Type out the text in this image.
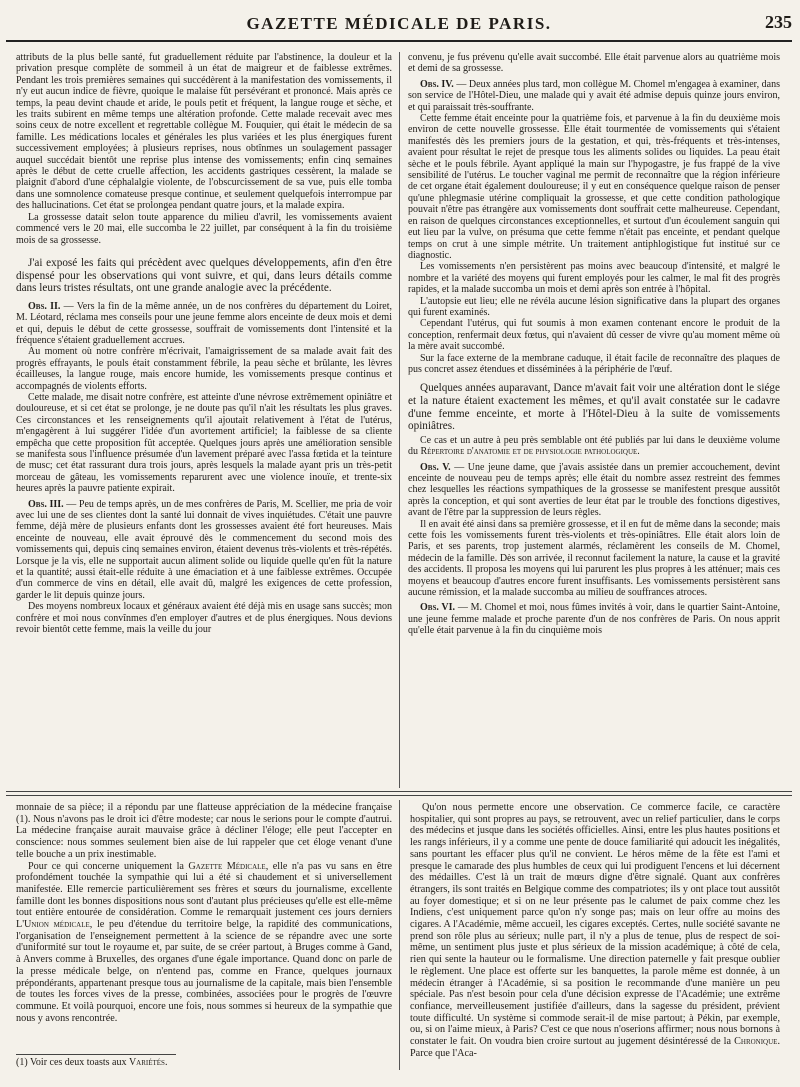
GAZETTE MÉDICALE DE PARIS.	235

attributs de la plus belle santé, fut graduellement réduite par l'abstinence, la douleur et la privation presque complète de sommeil à un état de maigreur et de faiblesse extrêmes. Pendant les trois premières semaines qui succédèrent à la manifestation des vomissements, il n'y eut aucun indice de fièvre, quoique le malaise fût persévérant et prononcé. Mais après ce temps, la peau devint chaude et aride, le pouls petit et fréquent, la langue rouge et sèche, et les traits subirent en même temps une altération profonde. Cette malade recevait avec mes soins ceux de notre excellent et regrettable collègue M. Fouquier, qui était le médecin de sa famille. Les médications locales et générales les plus variées et les plus énergiques furent successivement employées; à plusieurs reprises, nous obtînmes un soulagement passager auquel succédait bientôt une reprise plus intense des vomissements; enfin cinq semaines après le début de cette cruelle affection, les accidents gastriques cessèrent, la malade se plaignit d'abord d'une céphalalgie violente, de l'obscurcissement de sa vue, puis elle tomba dans une somnolence comateuse presque continue, et seulement quelquefois interrompue par des hallucinations. Cet état se prolongea pendant quatre jours, et la malade expira.

La grossesse datait selon toute apparence du milieu d'avril, les vomissements avaient commencé vers le 20 mai, elle succomba le 22 juillet, par conséquent à la fin du troisième mois de sa grossesse.

J'ai exposé les faits qui précèdent avec quelques développements, afin d'en être dispensé pour les observations qui vont suivre, et qui, dans leurs détails comme dans leurs tristes résultats, ont une grande analogie avec la précédente.

Obs. II. — Vers la fin de la même année, un de nos confrères du département du Loiret, M. Léotard, réclama mes conseils pour une jeune femme alors enceinte de deux mois et demi et qui, depuis le début de cette grossesse, souffrait de vomissements dont l'intensité et la fréquence s'étaient graduellement accrues.

Au moment où notre confrère m'écrivait, l'amaigrissement de sa malade avait fait des progrès effrayants, le pouls était constamment fébrile, la peau sèche et brûlante, les lèvres écailleuses, la langue rouge, mais encore humide, les vomissements presque continus et accompagnés de violents efforts.

Cette malade, me disait notre confrère, est atteinte d'une névrose extrêmement opiniâtre et douloureuse, et si cet état se prolonge, je ne doute pas qu'il n'ait les résultats les plus graves. Ces circonstances et les renseignements qu'il ajoutait relativement à l'état de l'utérus, m'engagèrent à lui suggérer l'idée d'un avortement artificiel; la faiblesse de sa cliente empêcha que cette proposition fût acceptée. Quelques jours après une amélioration sensible se manifesta sous l'influence présumée d'un lavement préparé avec l'assa fœtida et la teinture de musc; cet état rassurant dura trois jours, après lesquels la malade ayant pris un très-petit morceau de gâteau, les vomissements reparurent avec une violence inouïe, et trente-six heures après la pauvre patiente expirait.

Obs. III. — Peu de temps après, un de mes confrères de Paris, M. Scellier, me pria de voir avec lui une de ses clientes dont la santé lui donnait de vives inquiétudes. C'était une pauvre femme, déjà mère de plusieurs enfants dont les grossesses avaient été fort heureuses. Mais enceinte de nouveau, elle avait éprouvé dès le commencement du second mois des vomissements qui, depuis cinq semaines environ, étaient devenus très-violents et très-répétés. Lorsque je la vis, elle ne supportait aucun aliment solide ou liquide quelle qu'en fût la nature et la quantité; aussi était-elle réduite à une émaciation et à une faiblesse extrêmes. Occupée d'un commerce de vins en détail, elle avait dû, malgré les exigences de cette profession, garder le lit depuis quinze jours.

Des moyens nombreux locaux et généraux avaient été déjà mis en usage sans succès; mon confrère et moi nous convînmes d'en employer d'autres et de plus énergiques. Nous devions revoir bientôt cette femme, mais la veille du jour

convenu, je fus prévenu qu'elle avait succombé. Elle était parvenue alors au quatrième mois et demi de sa grossesse.

Obs. IV. — Deux années plus tard, mon collègue M. Chomel m'engagea à examiner, dans son service de l'Hôtel-Dieu, une malade qui y avait été admise depuis quinze jours environ, et qui paraissait très-souffrante.

Cette femme était enceinte pour la quatrième fois, et parvenue à la fin du deuxième mois environ de cette nouvelle grossesse. Elle était tourmentée de vomissements qui s'étaient manifestés dès les premiers jours de la gestation, et qui, très-fréquents et très-intenses, avaient pour résultat le rejet de presque tous les aliments solides ou liquides. La peau était sèche et le pouls fébrile. Ayant appliqué la main sur l'hypogastre, je fus frappé de la vive sensibilité de l'utérus. Le toucher vaginal me permit de reconnaître que la région inférieure de cet organe était également douloureuse; il y eut en conséquence quelque raison de penser qu'une phlegmasie utérine compliquait la grossesse, et que cette condition pathologique pouvait n'être pas étrangère aux vomissements dont souffrait cette malheureuse. Cependant, en raison de quelques circonstances exceptionnelles, et surtout d'un écoulement sanguin qui eut lieu par la vulve, on présuma que cette femme n'était pas enceinte, et pendant quelque temps on crut à une simple métrite. Un traitement antiphlogistique fut institué sur ce diagnostic.

Les vomissements n'en persistèrent pas moins avec beaucoup d'intensité, et malgré le nombre et la variété des moyens qui furent employés pour les calmer, le mal fit des progrès rapides, et la malade succomba un mois et demi après son entrée à l'hôpital.

L'autopsie eut lieu; elle ne révéla aucune lésion significative dans la plupart des organes qui furent examinés.

Cependant l'utérus, qui fut soumis à mon examen contenant encore le produit de la conception, renfermait deux fœtus, qui n'avaient dû cesser de vivre qu'au moment même où la mère avait succombé.

Sur la face externe de la membrane caduque, il était facile de reconnaître des plaques de pus concret assez étendues et disséminées à la périphérie de l'œuf.

Quelques années auparavant, Dance m'avait fait voir une altération dont le siége et la nature étaient exactement les mêmes, et qu'il avait constatée sur le cadavre d'une femme enceinte, et morte à l'Hôtel-Dieu à la suite de vomissements opiniâtres.

Ce cas et un autre à peu près semblable ont été publiés par lui dans le deuxième volume du Répertoire d'anatomie et de physiologie pathologique.

Obs. V. — Une jeune dame, que j'avais assistée dans un premier accouchement, devint enceinte de nouveau peu de temps après; elle était du nombre assez restreint des femmes chez lesquelles les réactions sympathiques de la grossesse se manifestent presque aussitôt après la conception, et qui sont averties de leur état par le trouble des fonctions digestives, avant de l'être par la suppression de leurs règles.

Il en avait été ainsi dans sa première grossesse, et il en fut de même dans la seconde; mais cette fois les vomissements furent très-violents et très-opiniâtres. Elle était alors loin de Paris, et ses parents, trop justement alarmés, réclamèrent les conseils de M. Chomel, médecin de la famille. Dès son arrivée, il reconnut facilement la nature, la cause et la gravité des accidents. Il proposa les moyens qui lui parurent les plus propres à les atténuer; mais ces moyens et beaucoup d'autres encore furent insuffisants. Les vomissements persistèrent sans aucune rémission, et la malade succomba au milieu de souffrances atroces.

Obs. VI. — M. Chomel et moi, nous fûmes invités à voir, dans le quartier Saint-Antoine, une jeune femme malade et proche parente d'un de nos confrères de Paris. On nous apprit qu'elle était parvenue à la fin du cinquième mois

monnaie de sa pièce; il a répondu par une flatteuse appréciation de la médecine française (1). Nous n'avons pas le droit ici d'être modeste; car nous le serions pour le compte d'autrui. La médecine française aurait mauvaise grâce à décliner l'éloge; elle peut l'accepter en conscience: nous sommes seulement bien aise de lui rappeler que cet éloge venant d'une telle bouche a un prix inestimable.

Pour ce qui concerne uniquement la Gazette Médicale, elle n'a pas vu sans en être profondément touchée la sympathie qui lui a été si chaudement et si universellement manifestée. Elle remercie particulièrement ses frères et sœurs du journalisme, excellente famille dont les bonnes dispositions nous sont d'autant plus précieuses qu'elle est elle-même tout entière entourée de considération. Comme le remarquait justement ces jours derniers L'Union médicale, le peu d'étendue du territoire belge, la rapidité des communications, l'organisation de l'enseignement permettent à la science de se répandre avec une sorte d'uniformité sur tout le royaume et, par suite, de se créer partout, à Bruges comme à Gand, à Anvers comme à Bruxelles, des organes d'une égale importance. Quand donc on parle de la presse médicale belge, on n'entend pas, comme en France, quelques journaux prépondérants, appartenant presque tous au journalisme de la capitale, mais bien l'ensemble de toutes les forces vives de la presse, combinées, associées pour le progrès de l'œuvre commune. Et voilà pourquoi, encore une fois, nous sommes si heureux de la sympathie que nous y avons rencontrée.

Qu'on nous permette encore une observation. Ce commerce facile, ce caractère hospitalier, qui sont propres au pays, se retrouvent, avec un relief particulier, dans le corps des médecins et jusque dans les sociétés officielles. Ainsi, entre les plus hautes positions et les rangs inférieurs, il y a comme une pente de douce familiarité qui adoucit les inégalités, sans pourtant les effacer plus qu'il ne convient. Le héros même de la fête est l'ami et presque le camarade des plus humbles de ceux qui lui prodiguent l'encens et lui décernent des médailles. C'est là un trait de mœurs digne d'être signalé. Quant aux confrères étrangers, ils sont traités en Belgique comme des compatriotes; ils y ont place tout aussitôt au foyer domestique; et si on ne leur présente pas le calumet de paix comme chez les Indiens, c'est uniquement parce qu'on n'y songe pas; mais on leur offre au moins des cigares. A l'Académie, même accueil, les cigares exceptés. Certes, nulle société savante ne prend son rôle plus au sérieux; nulle part, il n'y a plus de tenue, plus de respect de soi-même, un sentiment plus juste et plus sérieux de la mission académique; à côté de cela, rien qui sente la hauteur ou le formalisme. Une direction paternelle y fait presque oublier le règlement. Une place est offerte sur les banquettes, la parole même est donnée, à un médecin étranger à l'Académie, si sa position le recommande d'une manière un peu spéciale. Pas n'est besoin pour cela d'une décision expresse de l'Académie; une extrême confiance, merveilleusement justifiée d'ailleurs, dans la sagesse du président, prévient toute difficulté. Un système si commode serait-il de mise partout; à Pékin, par exemple, ou, si on l'aime mieux, à Paris? C'est ce que nous n'oserions affirmer; nous nous bornons à constater le fait. On voudra bien croire surtout au jugement désintéressé de la Chronique. Parce que l'Aca-

(1) Voir ces deux toasts aux Variétés.
